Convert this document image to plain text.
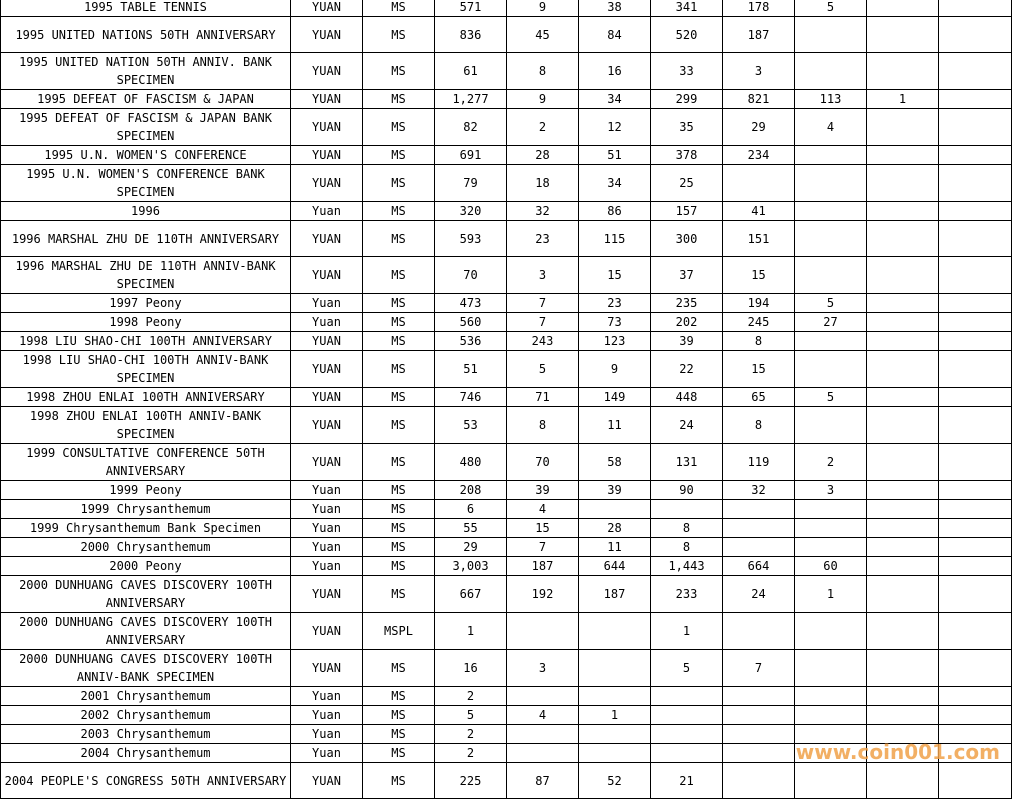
1995 TABLE TENNIS	YUAN	MS	571	9	38	341	178	5		
1995 UNITED NATIONS 50TH ANNIVERSARY	YUAN	MS	836	45	84	520	187			
1995 UNITED NATION 50TH ANNIV. BANK SPECIMEN	YUAN	MS	61	8	16	33	3			
1995 DEFEAT OF FASCISM & JAPAN	YUAN	MS	1,277	9	34	299	821	113	1	
1995 DEFEAT OF FASCISM & JAPAN BANK SPECIMEN	YUAN	MS	82	2	12	35	29	4		
1995 U.N. WOMEN'S CONFERENCE	YUAN	MS	691	28	51	378	234			
1995 U.N. WOMEN'S CONFERENCE BANK SPECIMEN	YUAN	MS	79	18	34	25				
1996	Yuan	MS	320	32	86	157	41			
1996 MARSHAL ZHU DE 110TH ANNIVERSARY	YUAN	MS	593	23	115	300	151			
1996 MARSHAL ZHU DE 110TH ANNIV-BANK SPECIMEN	YUAN	MS	70	3	15	37	15			
1997 Peony	Yuan	MS	473	7	23	235	194	5		
1998 Peony	Yuan	MS	560	7	73	202	245	27		
1998 LIU SHAO-CHI 100TH ANNIVERSARY	YUAN	MS	536	243	123	39	8			
1998 LIU SHAO-CHI 100TH ANNIV-BANK SPECIMEN	YUAN	MS	51	5	9	22	15			
1998 ZHOU ENLAI 100TH ANNIVERSARY	YUAN	MS	746	71	149	448	65	5		
1998 ZHOU ENLAI 100TH ANNIV-BANK SPECIMEN	YUAN	MS	53	8	11	24	8			
1999 CONSULTATIVE CONFERENCE 50TH ANNIVERSARY	YUAN	MS	480	70	58	131	119	2		
1999 Peony	Yuan	MS	208	39	39	90	32	3		
1999 Chrysanthemum	Yuan	MS	6	4						
1999 Chrysanthemum Bank Specimen	Yuan	MS	55	15	28	8				
2000 Chrysanthemum	Yuan	MS	29	7	11	8				
2000 Peony	Yuan	MS	3,003	187	644	1,443	664	60		
2000 DUNHUANG CAVES DISCOVERY 100TH ANNIVERSARY	YUAN	MS	667	192	187	233	24	1		
2000 DUNHUANG CAVES DISCOVERY 100TH ANNIVERSARY	YUAN	MSPL	1			1				
2000 DUNHUANG CAVES DISCOVERY 100TH ANNIV-BANK SPECIMEN	YUAN	MS	16	3		5	7			
2001 Chrysanthemum	Yuan	MS	2							
2002 Chrysanthemum	Yuan	MS	5	4	1					
2003 Chrysanthemum	Yuan	MS	2							
2004 Chrysanthemum	Yuan	MS	2							
2004 PEOPLE'S CONGRESS 50TH ANNIVERSARY	YUAN	MS	225	87	52	21				
www.coin001.com
